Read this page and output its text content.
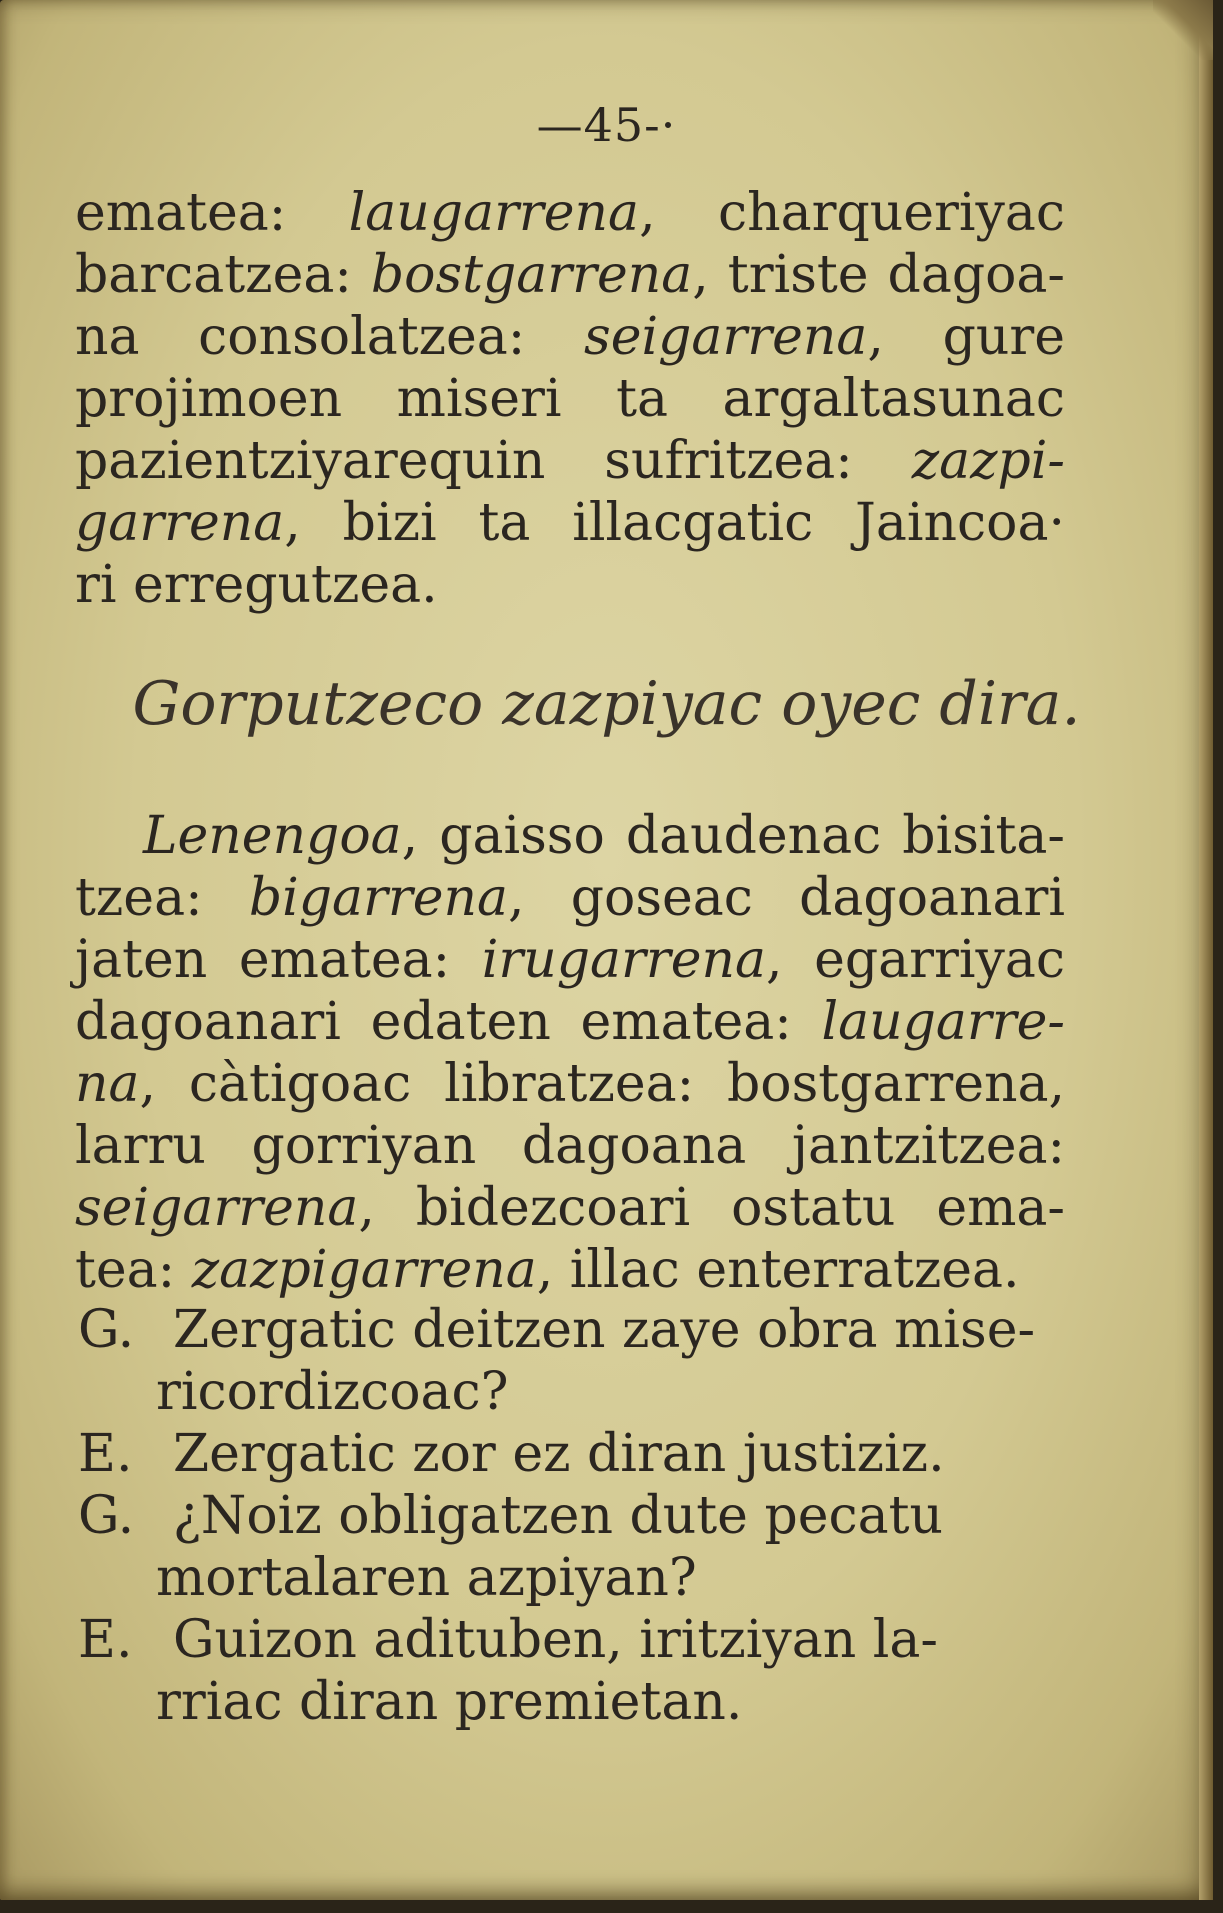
—45-·
ematea: laugarrena, charqueriyac
barcatzea: bostgarrena, triste dagoa-
na consolatzea: seigarrena, gure
projimoen miseri ta argaltasunac
pazientziyarequin sufritzea: zazpi-
garrena, bizi ta illacgatic Jaincoa·
ri erregutzea.
Gorputzeco zazpiyac oyec dira.
Lenengoa, gaisso daudenac bisita-
tzea: bigarrena, goseac dagoanari
jaten ematea: irugarrena, egarriyac
dagoanari edaten ematea: laugarre-
na, càtigoac libratzea: bostgarrena,
larru gorriyan dagoana jantzitzea:
seigarrena, bidezcoari ostatu ema-
tea: zazpigarrena, illac enterratzea.
G. Zergatic deitzen zaye obra mise-
ricordizcoac?
E. Zergatic zor ez diran justiziz.
G. ¿Noiz obligatzen dute pecatu
mortalaren azpiyan?
E. Guizon adituben, iritziyan la-
rriac diran premietan.
